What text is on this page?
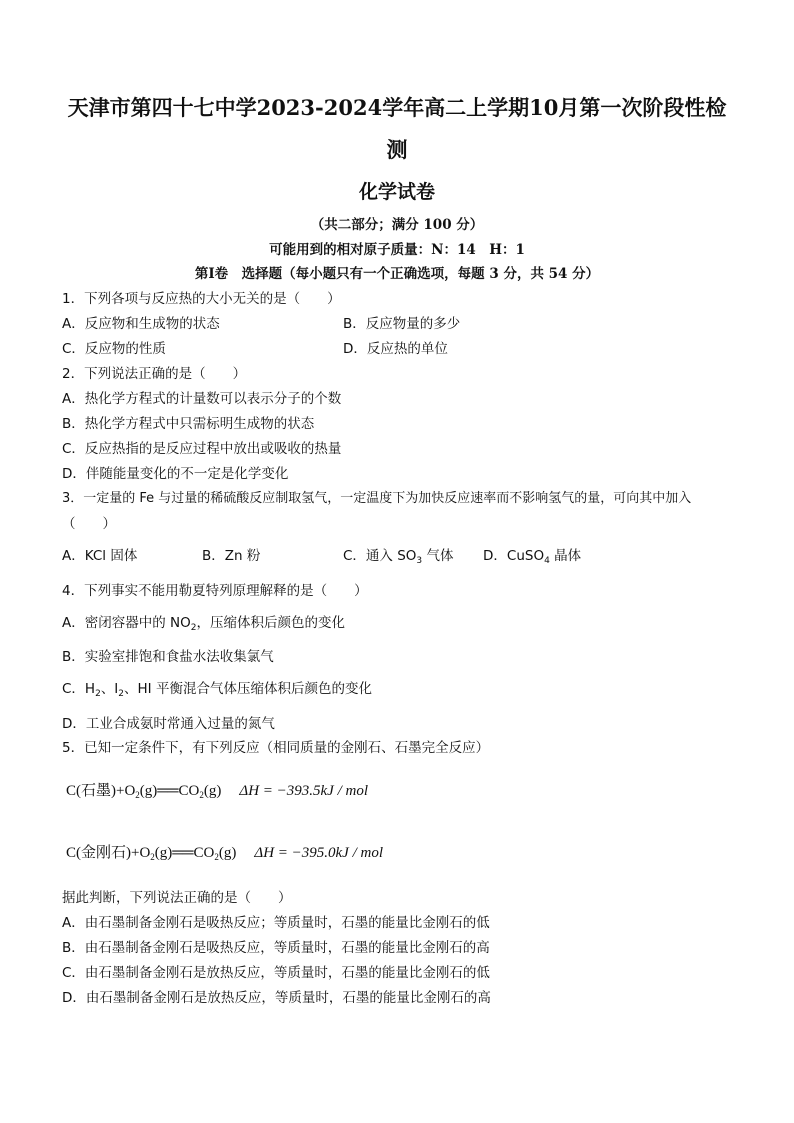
天津市第四十七中学2023-2024学年高二上学期10月第一次阶段性检
测
化学试卷
（共二部分；满分 100 分）
可能用到的相对原子质量：N：14　H：1
第Ⅰ卷　选择题（每小题只有一个正确选项，每题 3 分，共 54 分）
1．下列各项与反应热的大小无关的是（　　）
A．反应物和生成物的状态	B．反应物量的多少
C．反应物的性质	D．反应热的单位
2．下列说法正确的是（　　）
A．热化学方程式的计量数可以表示分子的个数
B．热化学方程式中只需标明生成物的状态
C．反应热指的是反应过程中放出或吸收的热量
D．伴随能量变化的不一定是化学变化
3．一定量的 Fe 与过量的稀硫酸反应制取氢气，一定温度下为加快反应速率而不影响氢气的量，可向其中加入
（　　）
A．KCl 固体	B．Zn 粉	C．通入 $SO_3$ 气体 D．CuSO$_4$ 晶体
4．下列事实不能用勒夏特列原理解释的是（　　）
A．密闭容器中的 $NO_2$，压缩体积后颜色的变化
B．实验室排饱和食盐水法收集氯气
C．$H_2$、$I_2$、HI 平衡混合气体压缩体积后颜色的变化
D．工业合成氨时常通入过量的氮气
5．已知一定条件下，有下列反应（相同质量的金刚石、石墨完全反应）
C(石墨)$+O_2(g)══CO_2(g)$ ΔH = −393.5kJ / mol
C(金刚石)$+O_2(g)══CO_2(g)$ ΔH = −395.0kJ / mol
据此判断，下列说法正确的是（　　）
A．由石墨制备金刚石是吸热反应；等质量时，石墨的能量比金刚石的低
B．由石墨制备金刚石是吸热反应，等质量时，石墨的能量比金刚石的高
C．由石墨制备金刚石是放热反应，等质量时，石墨的能量比金刚石的低
D．由石墨制备金刚石是放热反应，等质量时，石墨的能量比金刚石的高
